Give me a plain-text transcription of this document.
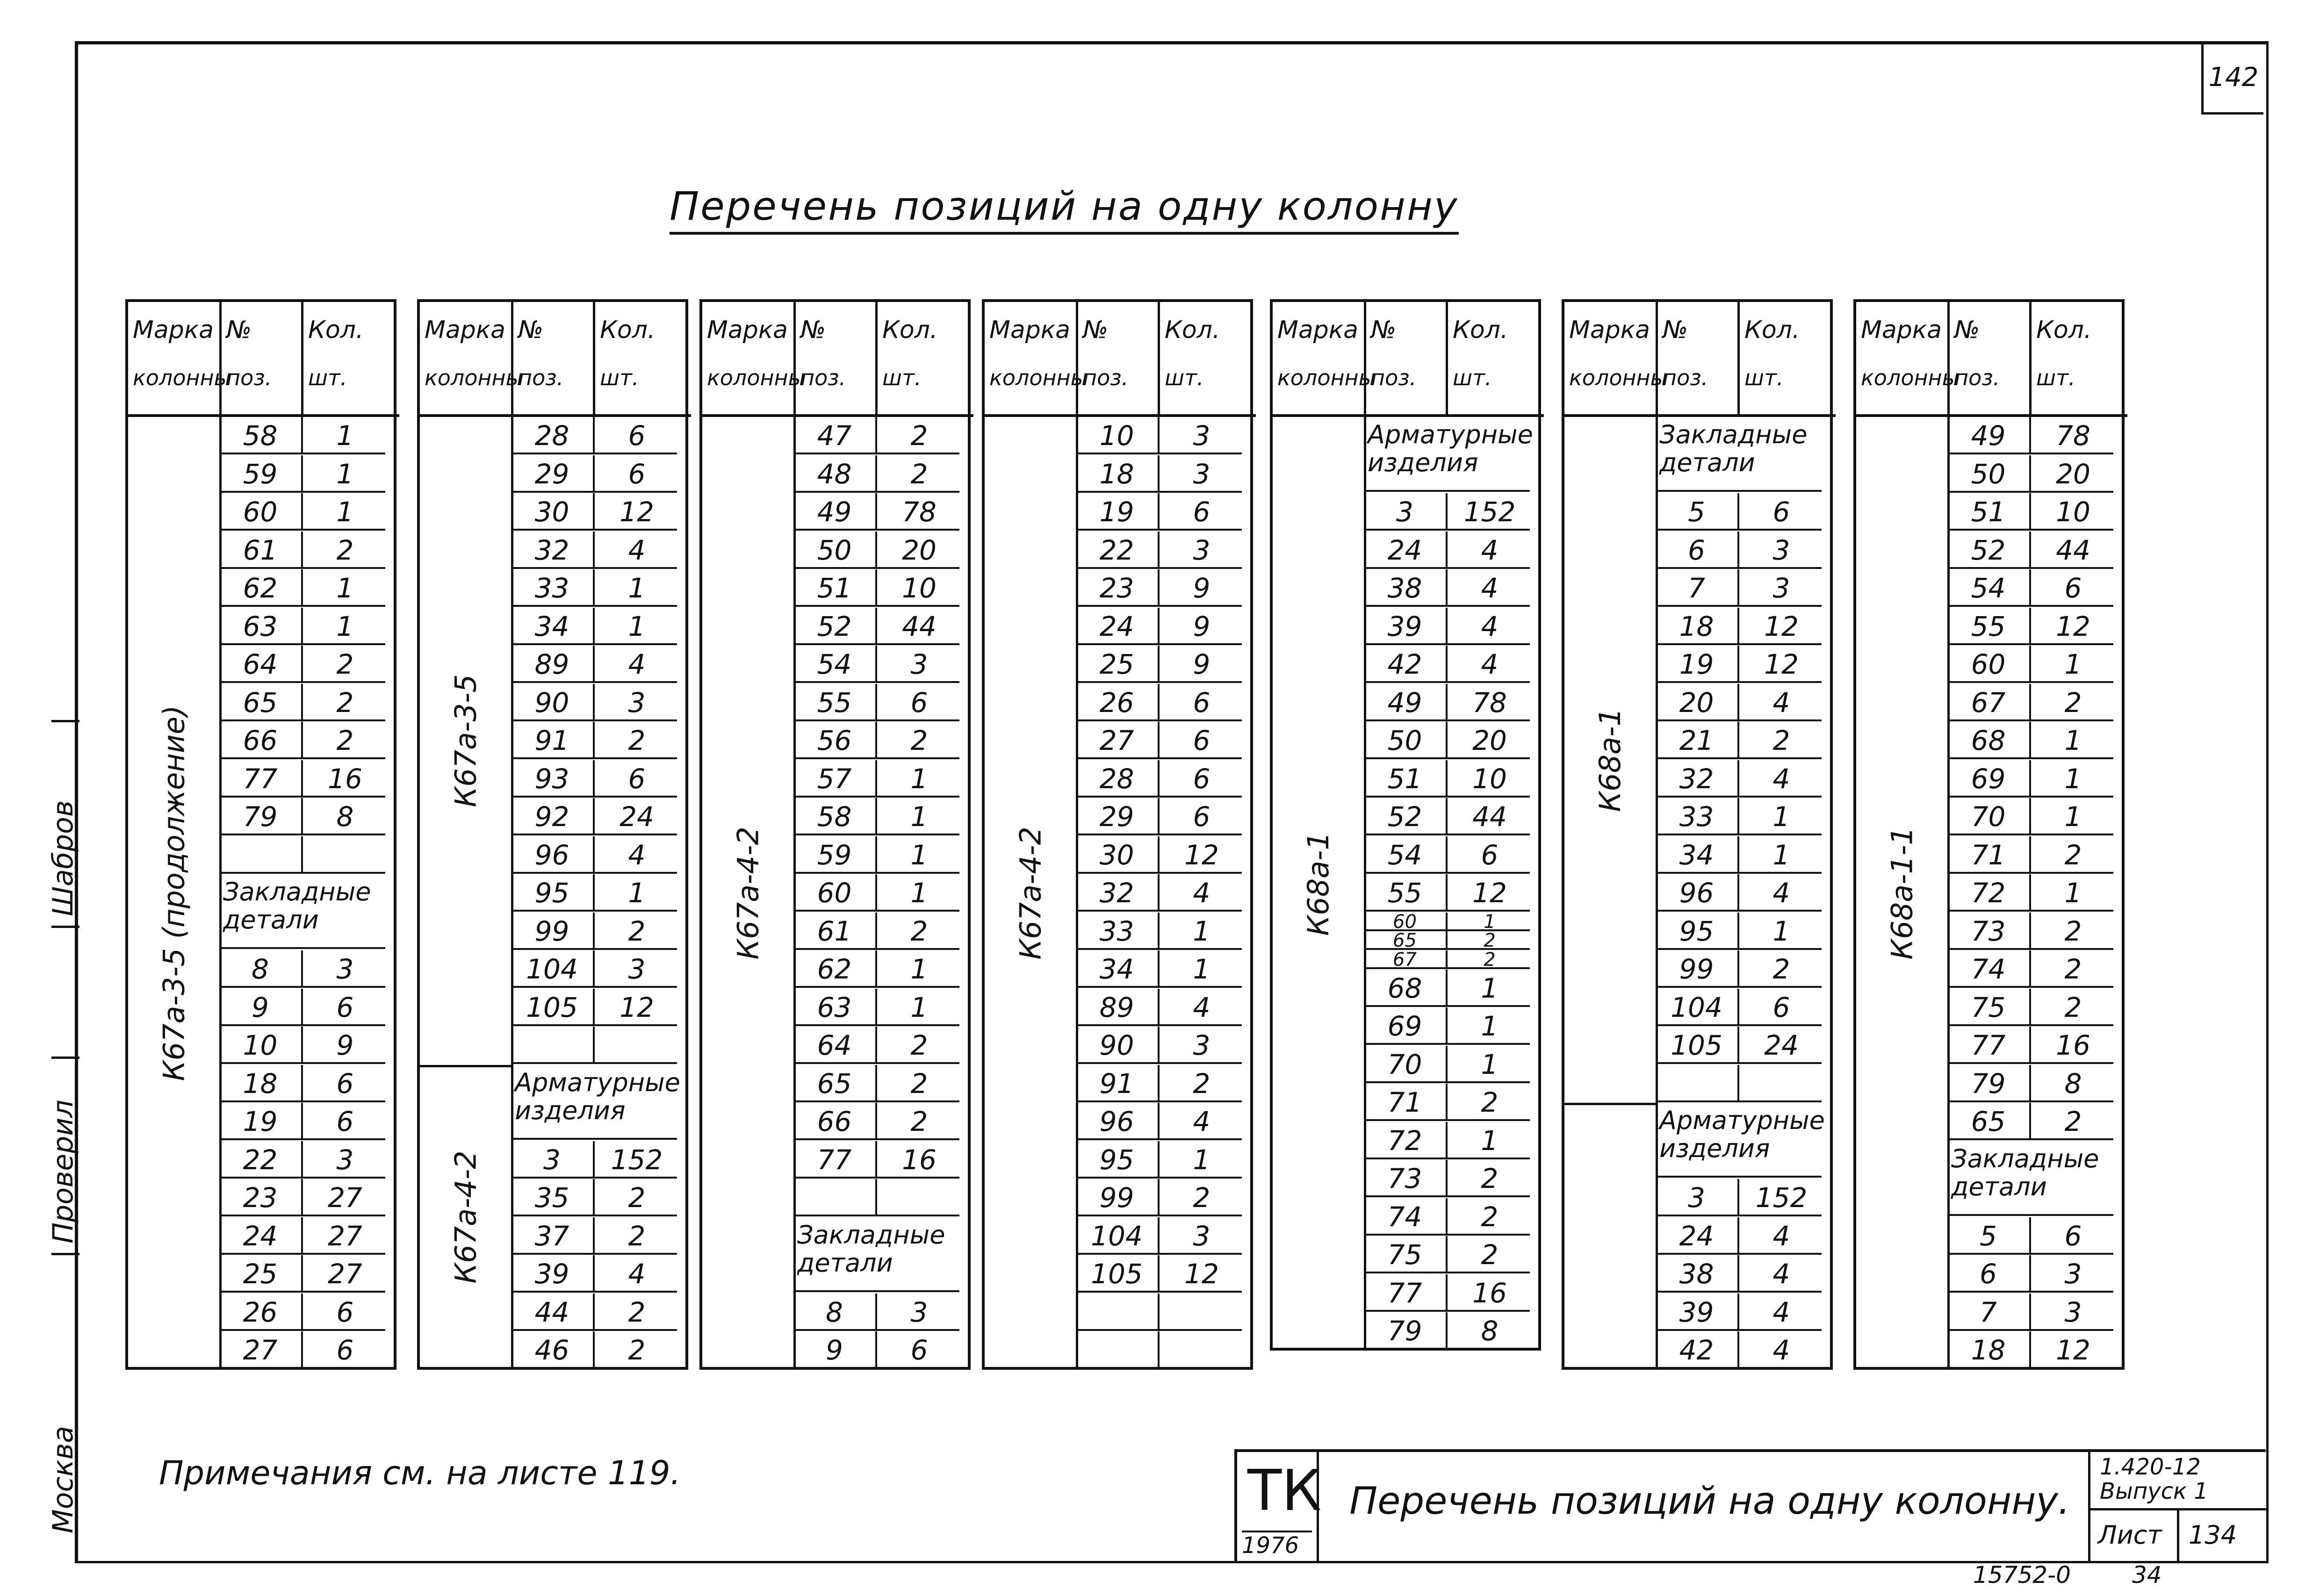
142
Перечень позиций на одну колонну
Москва
Проверил
Шабров
Марка
колонны
№
поз.
Кол.
шт.
58	1
59	1
60	1
61	2
62	1
63	1
64	2
65	2
66	2
77	16
79	8
Закладные детали
8	3
9	6
10	9
18	6
19	6
22	3
23	27
24	27
25	27
26	6
27	6
К67а-3-5 (продолжение)
Марка
колонны
№
поз.
Кол.
шт.
28	6
29	6
30	12
32	4
33	1
34	1
89	4
90	3
91	2
93	6
92	24
96	4
95	1
99	2
104	3
105	12
К67а-3-5
Арматурные изделия
3	152
35	2
37	2
39	4
44	2
46	2
К67а-4-2
Марка
колонны
№
поз.
Кол.
шт.
47	2
48	2
49	78
50	20
51	10
52	44
54	3
55	6
56	2
57	1
58	1
59	1
60	1
61	2
62	1
63	1
64	2
65	2
66	2
77	16
Закладные детали
8	3
9	6
К67а-4-2
Марка
колонны
№
поз.
Кол.
шт.
10	3
18	3
19	6
22	3
23	9
24	9
25	9
26	6
27	6
28	6
29	6
30	12
32	4
33	1
34	1
89	4
90	3
91	2
96	4
95	1
99	2
104	3
105	12
К67а-4-2
Марка
колонны
№
поз.
Кол.
шт.
Арматурные изделия
3	152
24	4
38	4
39	4
42	4
49	78
50	20
51	10
52	44
54	6
55	12
60	1
65	2
67	2
68	1
69	1
70	1
71	2
72	1
73	2
74	2
75	2
77	16
79	8
К68а-1
Марка
колонны
№
поз.
Кол.
шт.
Закладные детали
5	6
6	3
7	3
18	12
19	12
20	4
21	2
32	4
33	1
34	1
96	4
95	1
99	2
104	6
105	24
К68а-1
Арматурные изделия
3	152
24	4
38	4
39	4
42	4
Марка
колонны
№
поз.
Кол.
шт.
49	78
50	20
51	10
52	44
54	6
55	12
60	1
67	2
68	1
69	1
70	1
71	2
72	1
73	2
74	2
75	2
77	16
79	8
65	2
Закладные детали
5	6
6	3
7	3
18	12
К68а-1-1
Примечания см. на листе 119.	ТК
1976
Перечень позиций на одну колонну.
1.420-12
Выпуск 1
Лист 134
15752-0	34
